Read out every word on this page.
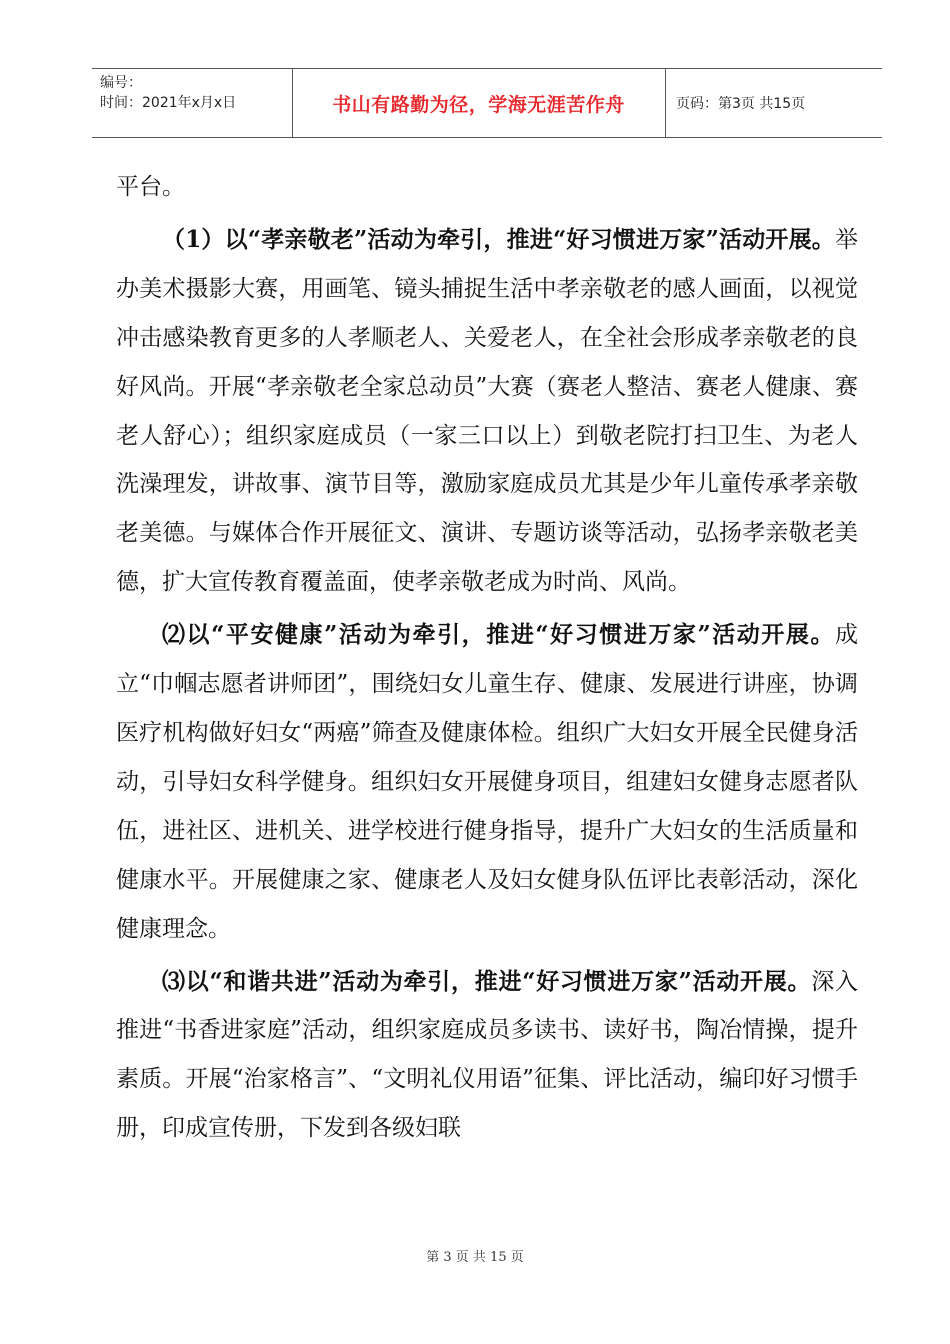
编号：
时间：2021年x月x日	书山有路勤为径，学海无涯苦作舟	页码：第3页 共15页

平台。

（1）以“孝亲敬老”活动为牵引，推进“好习惯进万家”活动开展。举办美术摄影大赛，用画笔、镜头捕捉生活中孝亲敬老的感人画面，以视觉冲击感染教育更多的人孝顺老人、关爱老人，在全社会形成孝亲敬老的良好风尚。开展“孝亲敬老全家总动员”大赛（赛老人整洁、赛老人健康、赛老人舒心）；组织家庭成员（一家三口以上）到敬老院打扫卫生、为老人洗澡理发，讲故事、演节目等，激励家庭成员尤其是少年儿童传承孝亲敬老美德。与媒体合作开展征文、演讲、专题访谈等活动，弘扬孝亲敬老美德，扩大宣传教育覆盖面，使孝亲敬老成为时尚、风尚。

⑵以“平安健康”活动为牵引，推进“好习惯进万家”活动开展。成立“巾帼志愿者讲师团”，围绕妇女儿童生存、健康、发展进行讲座，协调医疗机构做好妇女“两癌”筛查及健康体检。组织广大妇女开展全民健身活动，引导妇女科学健身。组织妇女开展健身项目，组建妇女健身志愿者队伍，进社区、进机关、进学校进行健身指导，提升广大妇女的生活质量和健康水平。开展健康之家、健康老人及妇女健身队伍评比表彰活动，深化健康理念。

⑶以“和谐共进”活动为牵引，推进“好习惯进万家”活动开展。深入推进“书香进家庭”活动，组织家庭成员多读书、读好书，陶冶情操，提升素质。开展“治家格言”、“文明礼仪用语”征集、评比活动，编印好习惯手册，印成宣传册，下发到各级妇联

第 3 页 共 15 页
